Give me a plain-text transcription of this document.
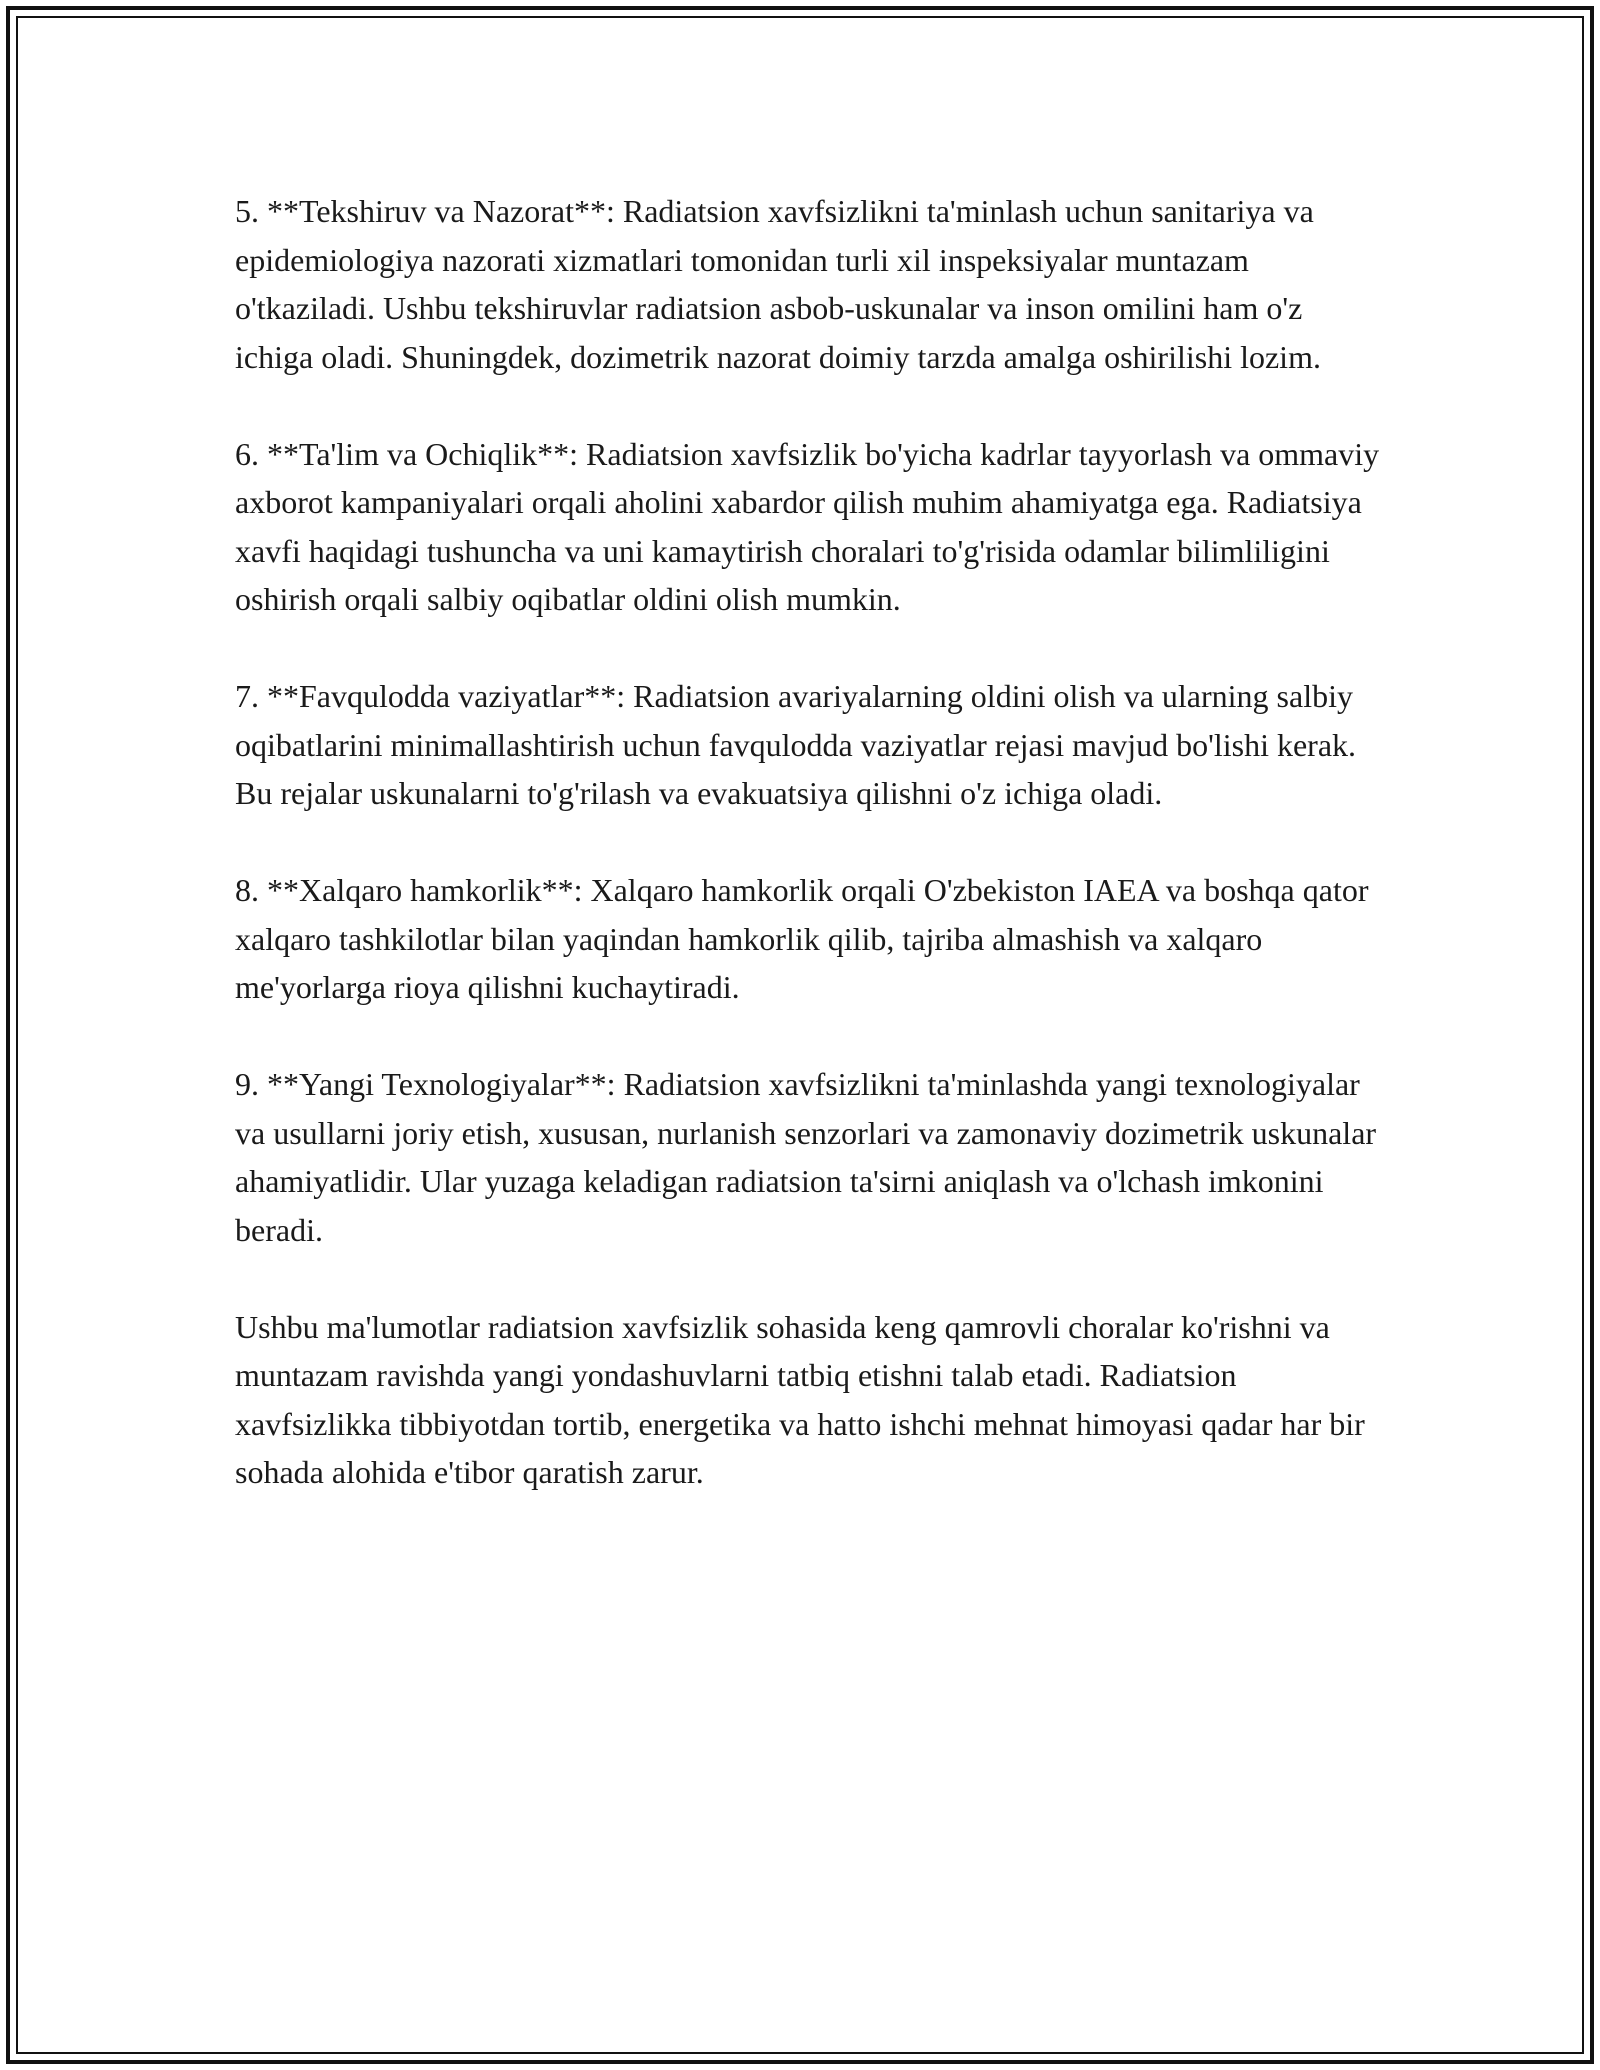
5. **Tekshiruv va Nazorat**: Radiatsion xavfsizlikni ta'minlash uchun sanitariya va epidemiologiya nazorati xizmatlari tomonidan turli xil inspeksiyalar muntazam o'tkaziladi. Ushbu tekshiruvlar radiatsion asbob-uskunalar va inson omilini ham o'z ichiga oladi. Shuningdek, dozimetrik nazorat doimiy tarzda amalga oshirilishi lozim.

6. **Ta'lim va Ochiqlik**: Radiatsion xavfsizlik bo'yicha kadrlar tayyorlash va ommaviy axborot kampaniyalari orqali aholini xabardor qilish muhim ahamiyatga ega. Radiatsiya xavfi haqidagi tushuncha va uni kamaytirish choralari to'g'risida odamlar bilimliligini oshirish orqali salbiy oqibatlar oldini olish mumkin.

7. **Favqulodda vaziyatlar**: Radiatsion avariyalarning oldini olish va ularning salbiy oqibatlarini minimallashtirish uchun favqulodda vaziyatlar rejasi mavjud bo'lishi kerak. Bu rejalar uskunalarni to'g'rilash va evakuatsiya qilishni o'z ichiga oladi.

8. **Xalqaro hamkorlik**: Xalqaro hamkorlik orqali O'zbekiston IAEA va boshqa qator xalqaro tashkilotlar bilan yaqindan hamkorlik qilib, tajriba almashish va xalqaro me'yorlarga rioya qilishni kuchaytiradi.

9. **Yangi Texnologiyalar**: Radiatsion xavfsizlikni ta'minlashda yangi texnologiyalar va usullarni joriy etish, xususan, nurlanish senzorlari va zamonaviy dozimetrik uskunalar ahamiyatlidir. Ular yuzaga keladigan radiatsion ta'sirni aniqlash va o'lchash imkonini beradi.

Ushbu ma'lumotlar radiatsion xavfsizlik sohasida keng qamrovli choralar ko'rishni va muntazam ravishda yangi yondashuvlarni tatbiq etishni talab etadi. Radiatsion xavfsizlikka tibbiyotdan tortib, energetika va hatto ishchi mehnat himoyasi qadar har bir sohada alohida e'tibor qaratish zarur.
